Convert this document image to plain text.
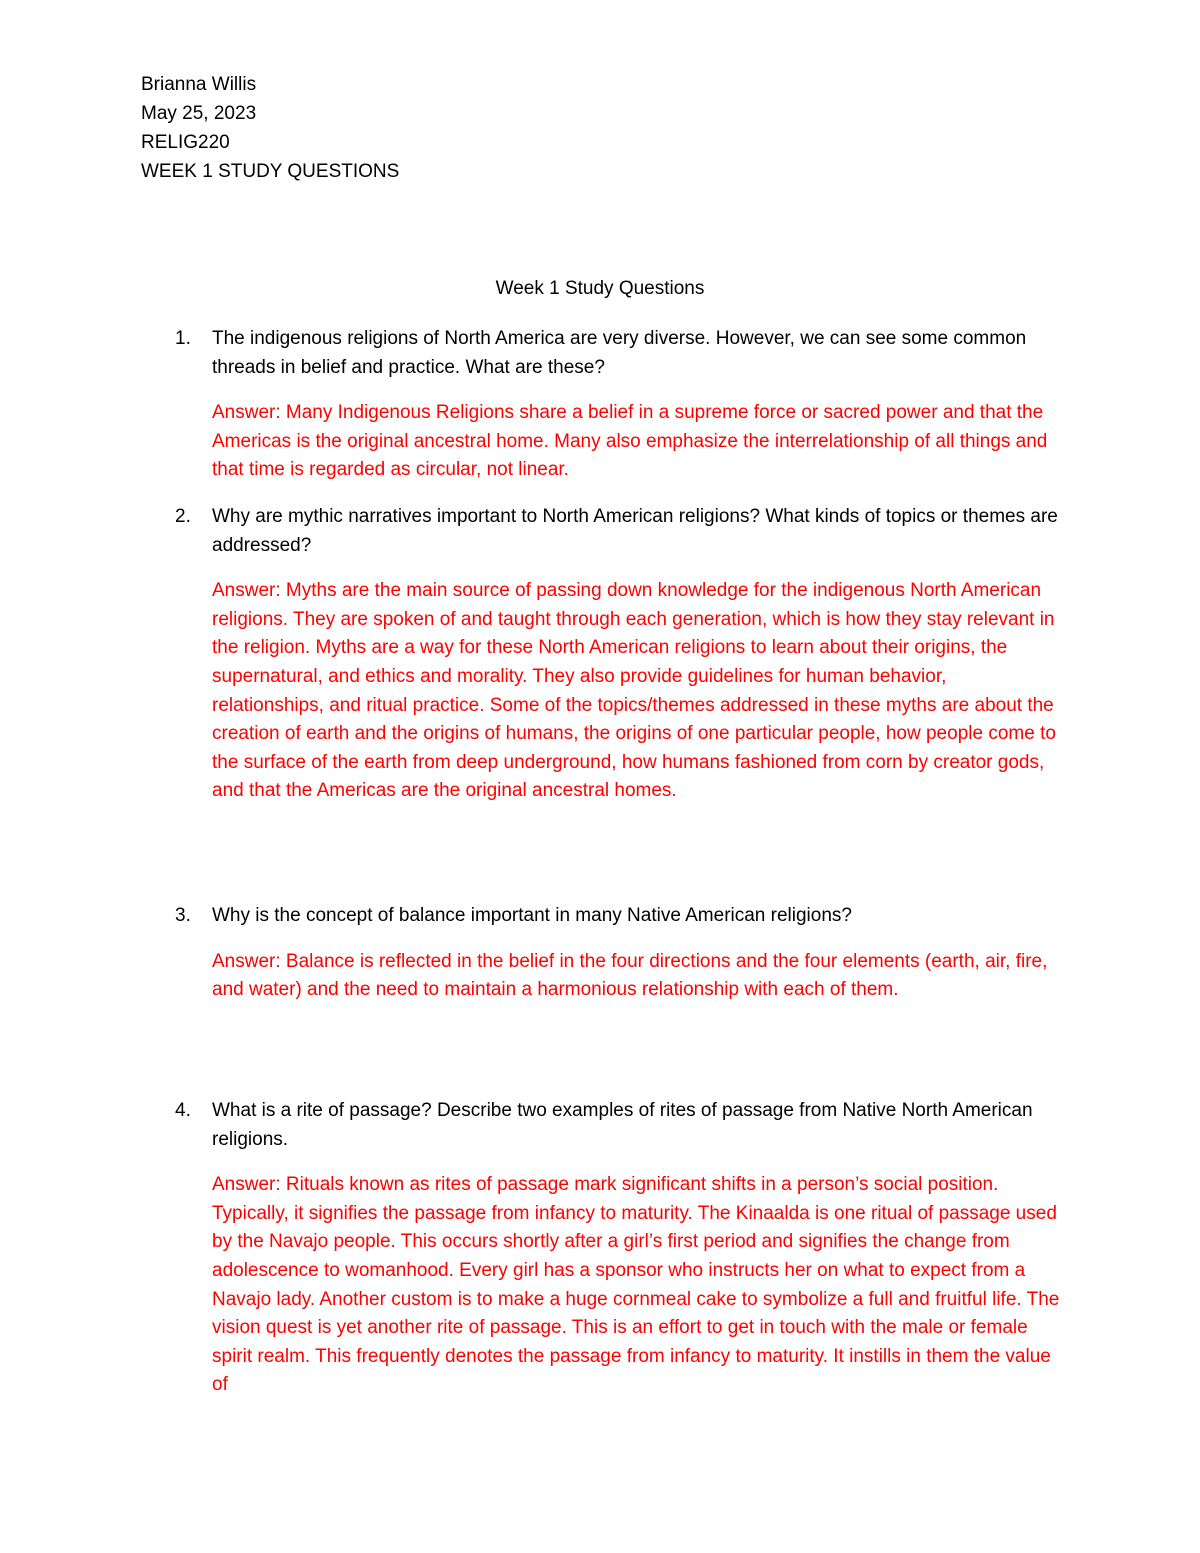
Brianna Willis
May 25, 2023
RELIG220
WEEK 1 STUDY QUESTIONS
Week 1 Study Questions
1.	The indigenous religions of North America are very diverse. However, we can see some common threads in belief and practice. What are these?
Answer: Many Indigenous Religions share a belief in a supreme force or sacred power and that the Americas is the original ancestral home. Many also emphasize the interrelationship of all things and that time is regarded as circular, not linear.
2.	Why are mythic narratives important to North American religions? What kinds of topics or themes are addressed?
Answer: Myths are the main source of passing down knowledge for the indigenous North American religions. They are spoken of and taught through each generation, which is how they stay relevant in the religion. Myths are a way for these North American religions to learn about their origins, the supernatural, and ethics and morality. They also provide guidelines for human behavior, relationships, and ritual practice. Some of the topics/themes addressed in these myths are about the creation of earth and the origins of humans, the origins of one particular people, how people come to the surface of the earth from deep underground, how humans fashioned from corn by creator gods, and that the Americas are the original ancestral homes.
3.	Why is the concept of balance important in many Native American religions?
Answer: Balance is reflected in the belief in the four directions and the four elements (earth, air, fire, and water) and the need to maintain a harmonious relationship with each of them.
4.	What is a rite of passage? Describe two examples of rites of passage from Native North American religions.
Answer: Rituals known as rites of passage mark significant shifts in a person’s social position. Typically, it signifies the passage from infancy to maturity. The Kinaalda is one ritual of passage used by the Navajo people. This occurs shortly after a girl’s first period and signifies the change from adolescence to womanhood. Every girl has a sponsor who instructs her on what to expect from a Navajo lady. Another custom is to make a huge cornmeal cake to symbolize a full and fruitful life. The vision quest is yet another rite of passage. This is an effort to get in touch with the male or female spirit realm. This frequently denotes the passage from infancy to maturity. It instills in them the value of
